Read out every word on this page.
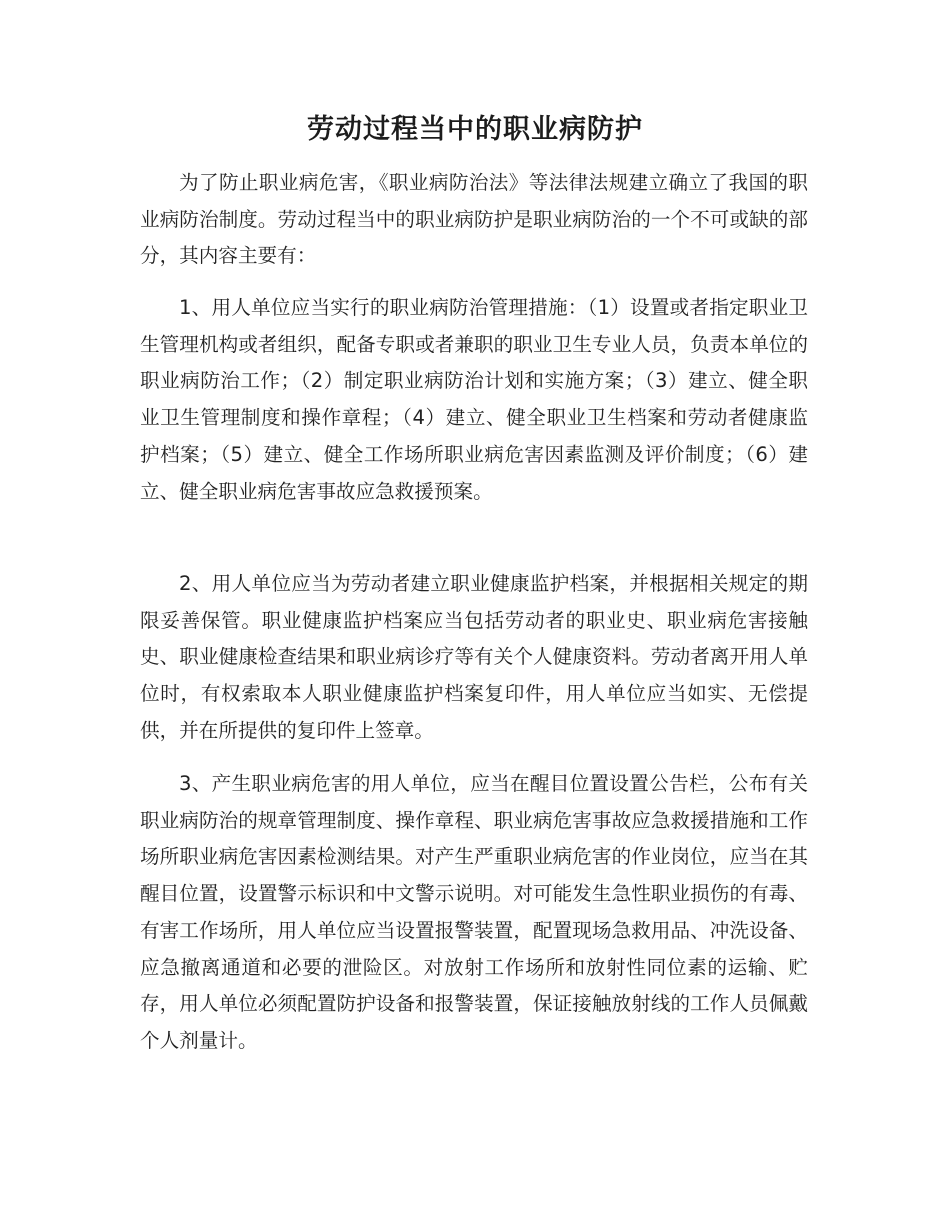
劳动过程当中的职业病防护

为了防止职业病危害，《职业病防治法》等法律法规建立确立了我国的职业病防治制度。劳动过程当中的职业病防护是职业病防治的一个不可或缺的部分，其内容主要有：

1、用人单位应当实行的职业病防治管理措施：（1）设置或者指定职业卫生管理机构或者组织，配备专职或者兼职的职业卫生专业人员，负责本单位的职业病防治工作；（2）制定职业病防治计划和实施方案；（3）建立、健全职业卫生管理制度和操作章程；（4）建立、健全职业卫生档案和劳动者健康监护档案；（5）建立、健全工作场所职业病危害因素监测及评价制度；（6）建立、健全职业病危害事故应急救援预案。

2、用人单位应当为劳动者建立职业健康监护档案，并根据相关规定的期限妥善保管。职业健康监护档案应当包括劳动者的职业史、职业病危害接触史、职业健康检查结果和职业病诊疗等有关个人健康资料。劳动者离开用人单位时，有权索取本人职业健康监护档案复印件，用人单位应当如实、无偿提供，并在所提供的复印件上签章。

3、产生职业病危害的用人单位，应当在醒目位置设置公告栏，公布有关职业病防治的规章管理制度、操作章程、职业病危害事故应急救援措施和工作场所职业病危害因素检测结果。对产生严重职业病危害的作业岗位，应当在其醒目位置，设置警示标识和中文警示说明。对可能发生急性职业损伤的有毒、有害工作场所，用人单位应当设置报警装置，配置现场急救用品、冲洗设备、应急撤离通道和必要的泄险区。对放射工作场所和放射性同位素的运输、贮存，用人单位必须配置防护设备和报警装置，保证接触放射线的工作人员佩戴个人剂量计。
